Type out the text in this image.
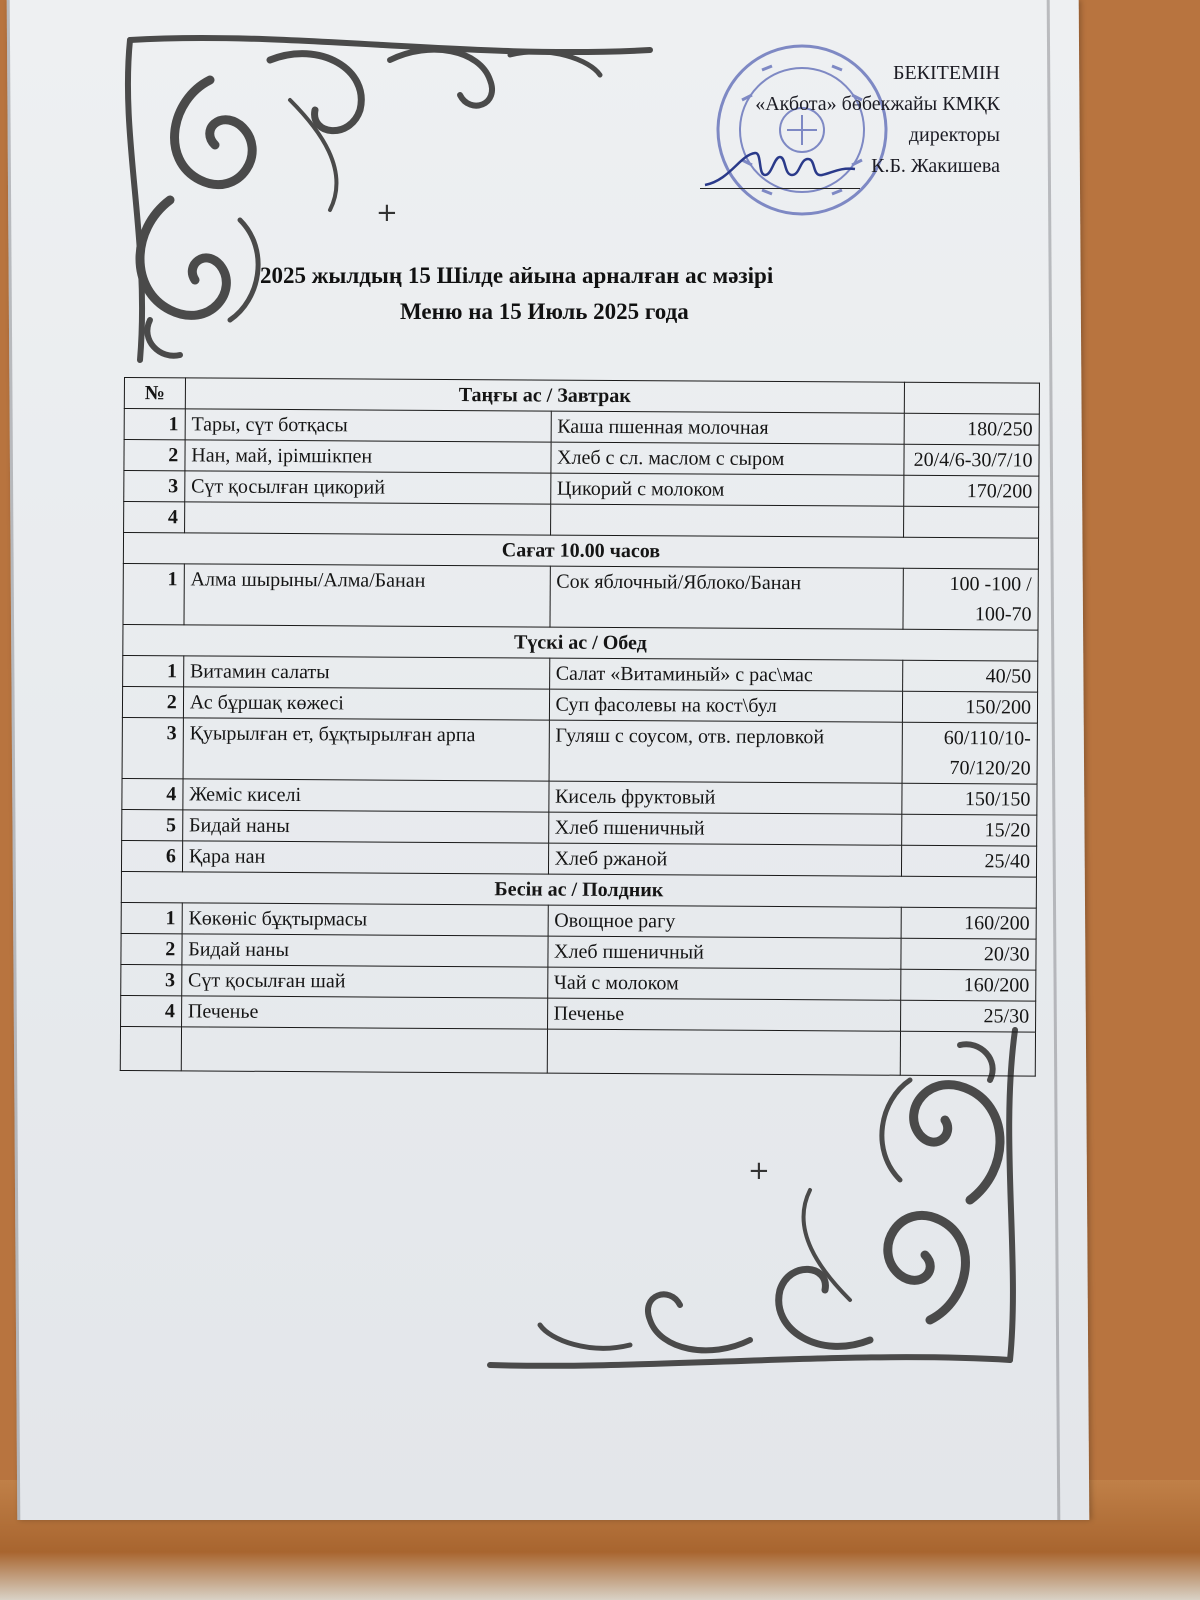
БЕКІТЕМІН
«Акбота» бөбекжайы КМҚК
директоры
К.Б. Жакишева
+
+
2025 жылдың 15 Шілде айына арналған ас мәзірі
Меню на 15 Июль 2025 года
№	Таңғы ас / Завтрак		
1	Тары, сүт ботқасы	Каша пшенная молочная	180/250
2	Нан, май, ірімшікпен	Хлеб с сл. маслом с сыром	20/4/6-30/7/10
3	Сүт қосылған цикорий	Цикорий с молоком	170/200
4			
Сағат 10.00 часов			
1	Алма шырыны/Алма/Банан	Сок яблочный/Яблоко/Банан	100 -100 / 100-70
Түскі ас / Обед			
1	Витамин салаты	Салат «Витаминый» с рас\мас	40/50
2	Ас бұршақ көжесі	Суп фасолевы на кост\бул	150/200
3	Қуырылған ет, бұқтырылған арпа	Гуляш с соусом, отв. перловкой	60/110/10-70/120/20
4	Жеміс киселі	Кисель фруктовый	150/150
5	Бидай наны	Хлеб пшеничный	15/20
6	Қара нан	Хлеб ржаной	25/40
Бесін ас / Полдник			
1	Көкөніс бұқтырмасы	Овощное рагу	160/200
2	Бидай наны	Хлеб пшеничный	20/30
3	Сүт қосылған шай	Чай с молоком	160/200
4	Печенье	Печенье	25/30
